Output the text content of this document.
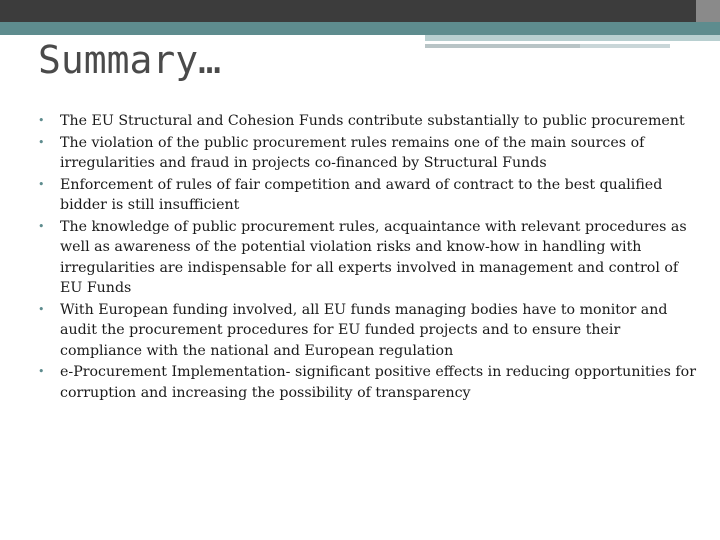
Summary…
• The EU Structural and Cohesion Funds contribute substantially to public procurement
• The violation of the public procurement rules remains one of the main sources of irregularities and fraud in projects co-financed by Structural Funds
• Enforcement of rules of fair competition and award of contract to the best qualified bidder is still insufficient
• The knowledge of public procurement rules, acquaintance with relevant procedures as well as awareness of the potential violation risks and know-how in handling with irregularities are indispensable for all experts involved in management and control of EU Funds
• With European funding involved, all EU funds managing bodies have to monitor and audit the procurement procedures for EU funded projects and to ensure their compliance with the national and European regulation
• e-Procurement Implementation- significant positive effects in reducing opportunities for corruption and increasing the possibility of transparency
